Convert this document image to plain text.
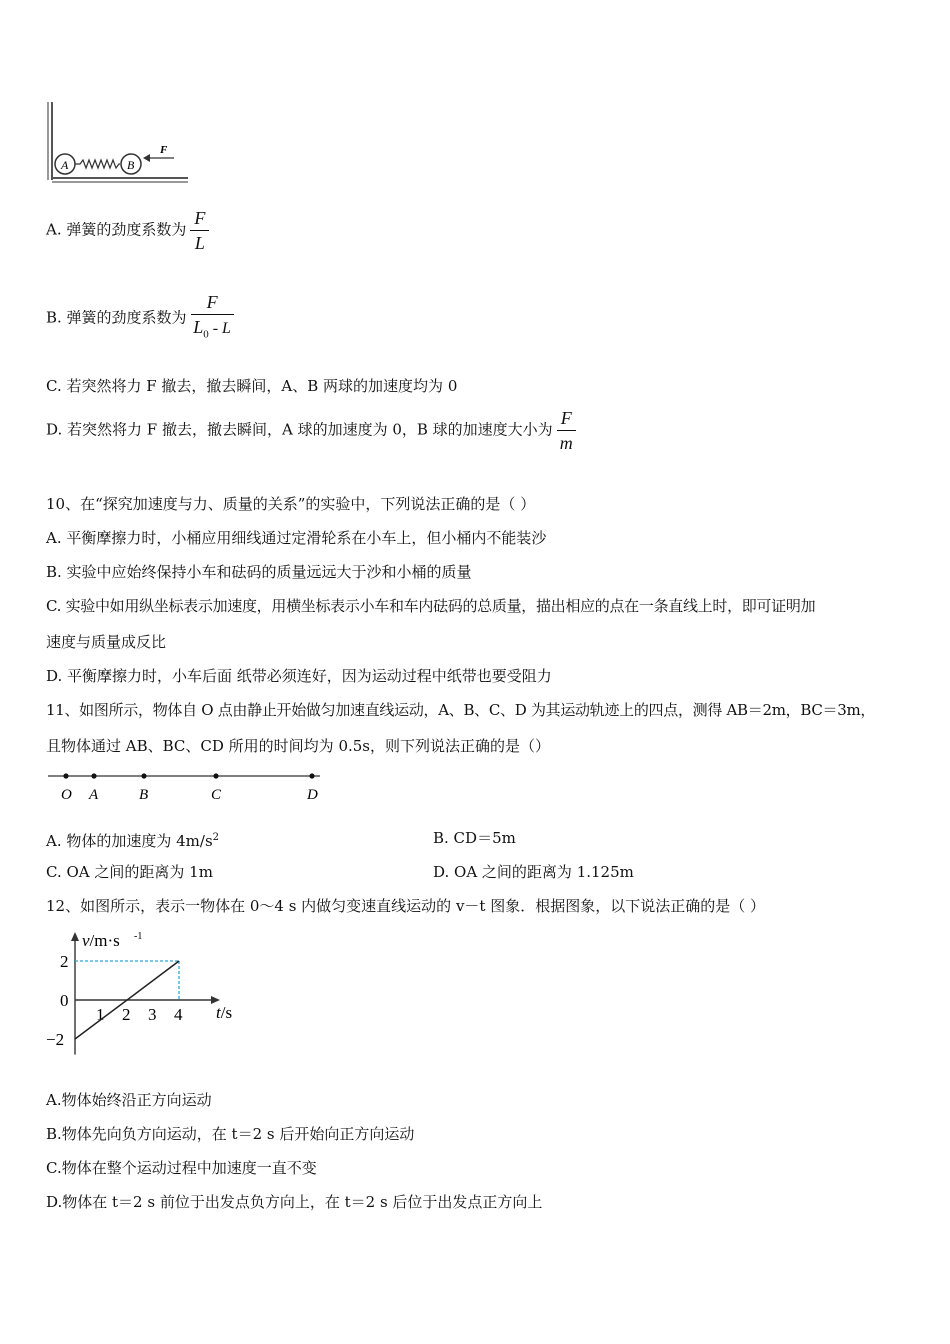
A	B
F
A. 弹簧的劲度系数为 $\frac{F}{L}$
B. 弹簧的劲度系数为 $\frac{F}{L_0 - L}$
C. 若突然将力 F 撤去，撤去瞬间，A、B 两球的加速度均为 0
D. 若突然将力 F 撤去，撤去瞬间，A 球的加速度为 0，B 球的加速度大小为 $\frac{F}{m}$
10、在“探究加速度与力、质量的关系”的实验中，下列说法正确的是（ ）
A. 平衡摩擦力时，小桶应用细线通过定滑轮系在小车上，但小桶内不能装沙
B. 实验中应始终保持小车和砝码的质量远远大于沙和小桶的质量
C. 实验中如用纵坐标表示加速度，用横坐标表示小车和车内砝码的总质量，描出相应的点在一条直线上时，即可证明加
速度与质量成反比
D. 平衡摩擦力时，小车后面 纸带必须连好，因为运动过程中纸带也要受阻力
11、如图所示，物体自 O 点由静止开始做匀加速直线运动，A、B、C、D 为其运动轨迹上的四点，测得 AB＝2m，BC＝3m，
且物体通过 AB、BC、CD 所用的时间均为 0.5s，则下列说法正确的是（）
O A	B	C	D
A. 物体的加速度为 $4m/s^2$	B. CD＝5m
C. OA 之间的距离为 1m	D. OA 之间的距离为 1.125m
12、如图所示，表示一物体在 0～4 s 内做匀变速直线运动的 v－t 图象．根据图象，以下说法正确的是（ ）
v/m·s -1
t/s
2
0
−2
1 2 3 4
A.物体始终沿正方向运动
B.物体先向负方向运动，在 t＝2 s 后开始向正方向运动
C.物体在整个运动过程中加速度一直不变
D.物体在 t＝2 s 前位于出发点负方向上，在 t＝2 s 后位于出发点正方向上
